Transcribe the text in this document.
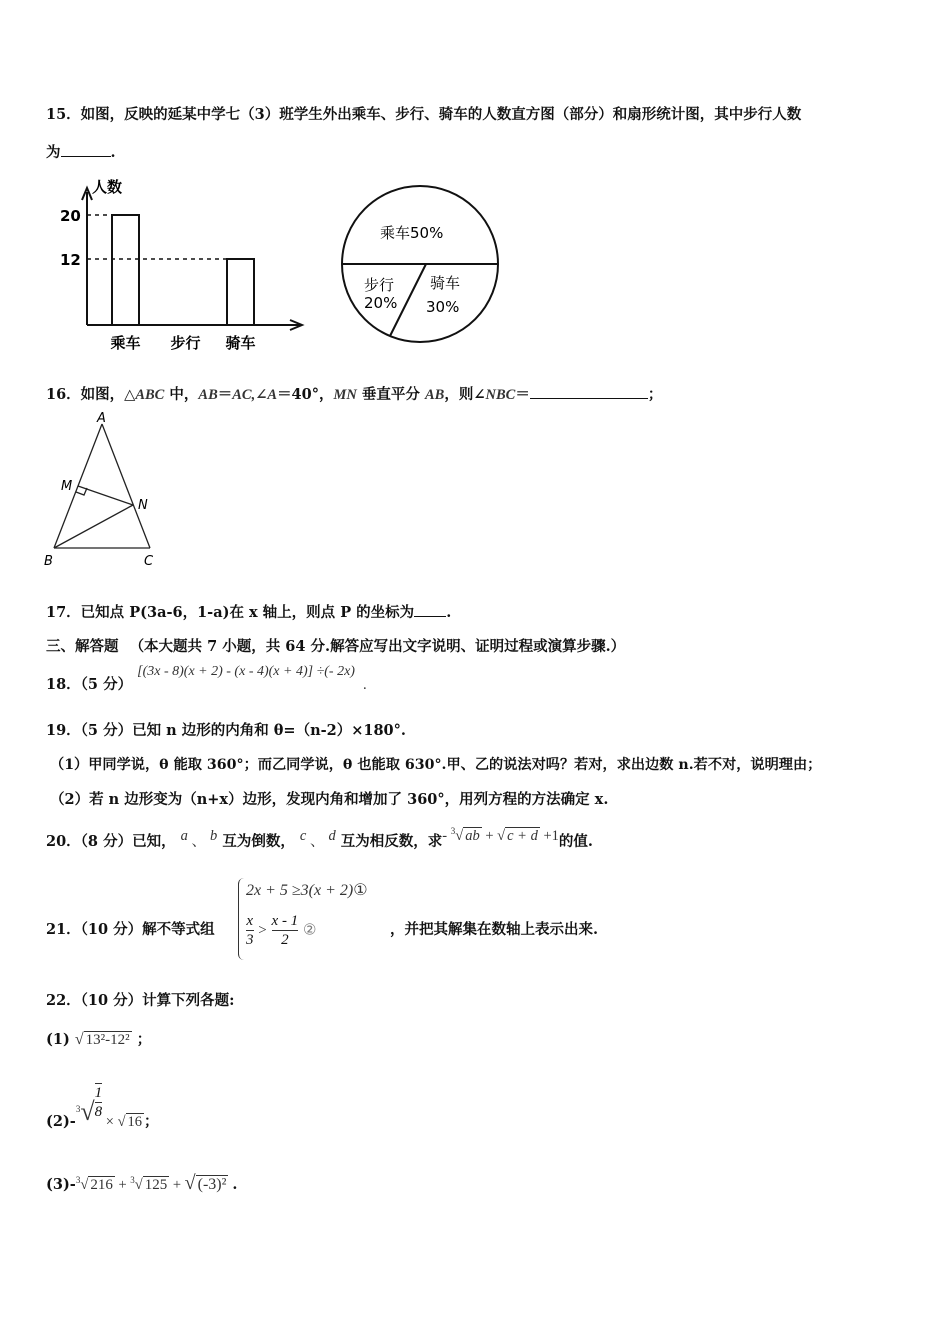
15．如图，反映的延某中学七（3）班学生外出乘车、步行、骑车的人数直方图（部分）和扇形统计图，其中步行人数
为	.
人数
乘车 步行 骑车
20
12
乘车50%
步行
20%
骑车
30%
16．如图，△ABC 中，AB＝AC,∠A＝40°，MN 垂直平分 AB，则∠NBC＝	；
A
M
N
B	C
17．已知点 P(3a-6，1-a)在 x 轴上，则点 P 的坐标为 .
三、解答题 （本大题共 7 小题，共 64 分.解答应写出文字说明、证明过程或演算步骤.）
18．（5 分） [(3x - 8)(x + 2) - (x - 4)(x + 4)] ÷(- 2x).
19．（5 分）已知 n 边形的内角和 θ=（n-2）×180°.
（1）甲同学说，θ 能取 360°；而乙同学说，θ 也能取 630°.甲、乙的说法对吗？若对，求出边数 n.若不对，说明理由；
（2）若 n 边形变为（n+x）边形，发现内角和增加了 360°，用列方程的方法确定 x.
20．（8 分）已知， a 、 b 互为倒数， c 、 d 互为相反数，求- $^3$√ ab + √ c + d +1的值.
21．（10 分）解不等式组
2x + 5 ≥3(x + 2)①
$\frac{x}{3} > \frac{x - 1}{2}$ ②	，并把其解集在数轴上表示出来.
22．（10 分）计算下列各题:
(1) √ 13²-12² ；
$(2)-3√ \frac{1}{8}$
× √ 16 ；
(3)-$^3$√ 216 + $^3$√ 125 + √ (-3)² .
